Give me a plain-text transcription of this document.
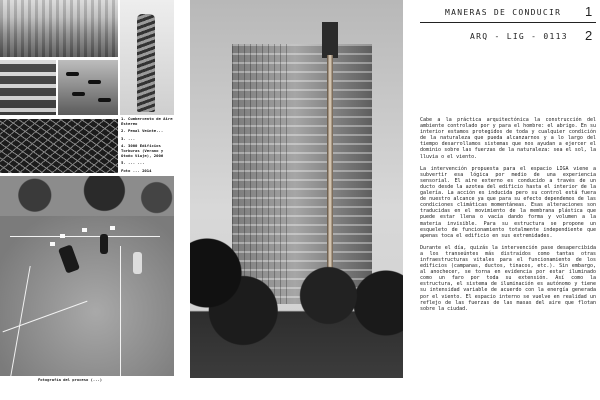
1. Cumbercento de Aire Estereo
2. Penal Veinte...
3. ...
4. 3000 Edificios Torburas (Verano y Otoño Viaje), 2006
5. ... ...
Foto ... 2014
Fotografía del proceso (...)
MANERAS DE CONDUCIR 1
ARQ - LIG - 0113 2

Cabe a la práctica arquitectónica la construcción del ambiente controlado por y para el hombre: el abrigo. En su interior estamos protegidos de toda y cualquier condición de la naturaleza que pueda alcanzarnos y a lo largo del tiempo desarrollamos sistemas que nos ayudan a ejercer el dominio sobre las fuerzas de la naturaleza: sea el sol, la lluvia o el viento.

La intervención propuesta para el espacio LIGA viene a subvertir esa lógica por medio de una experiencia sensorial. El aire externo es conducido a través de un ducto desde la azotea del edificio hasta el interior de la galería. La acción es inducida pero su control está fuera de nuestro alcance ya que para su efecto dependemos de las condiciones climáticas momentáneas. Esas alteraciones son traducidas en el movimiento de la membrana plástica que puede estar llena o vacía dando forma y volumen a la materia invisible. Para su estructura se propone un esqueleto de funcionamiento totalmente independiente que apenas toca el edificio en sus extremidades.

Durante el día, quizás la intervención pase desapercibida a los transeúntes más distraídos como tantas otras infraestructuras vitales para el funcionamiento de los edificios (campanas, ductos, tinacos, etc.). Sin embargo, al anochecer, se torna en evidencia por estar iluminado como un faro por toda su extensión. Así como la estructura, el sistema de iluminación es autónomo y tiene su intensidad variable de acuerdo con la energía generada por el viento. El espacio interno se vuelve en realidad un reflejo de las fuerzas de las masas del aire que flotan sobre la ciudad.
